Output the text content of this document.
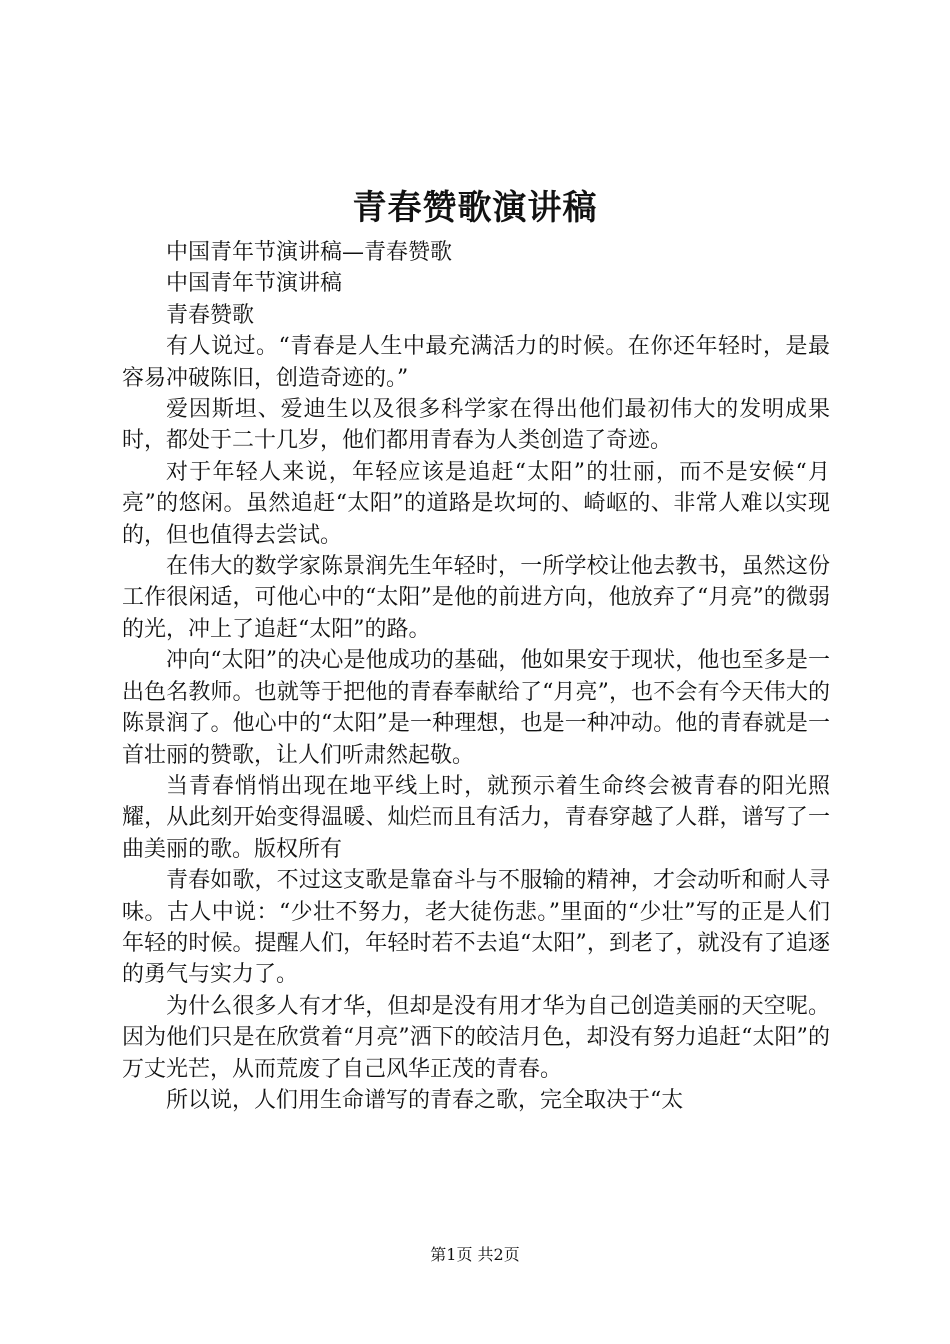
青春赞歌演讲稿

中国青年节演讲稿—青春赞歌

中国青年节演讲稿

青春赞歌

有人说过。“青春是人生中最充满活力的时候。在你还年轻时，是最容易冲破陈旧，创造奇迹的。”

爱因斯坦、爱迪生以及很多科学家在得出他们最初伟大的发明成果时，都处于二十几岁，他们都用青春为人类创造了奇迹。

对于年轻人来说，年轻应该是追赶“太阳”的壮丽，而不是安候“月亮”的悠闲。虽然追赶“太阳”的道路是坎坷的、崎岖的、非常人难以实现的，但也值得去尝试。

在伟大的数学家陈景润先生年轻时，一所学校让他去教书，虽然这份工作很闲适，可他心中的“太阳”是他的前进方向，他放弃了“月亮”的微弱的光，冲上了追赶“太阳”的路。

冲向“太阳”的决心是他成功的基础，他如果安于现状，他也至多是一出色名教师。也就等于把他的青春奉献给了“月亮”，也不会有今天伟大的陈景润了。他心中的“太阳”是一种理想，也是一种冲动。他的青春就是一首壮丽的赞歌，让人们听肃然起敬。

当青春悄悄出现在地平线上时，就预示着生命终会被青春的阳光照耀，从此刻开始变得温暖、灿烂而且有活力，青春穿越了人群，谱写了一曲美丽的歌。版权所有

青春如歌，不过这支歌是靠奋斗与不服输的精神，才会动听和耐人寻味。古人中说：“少壮不努力，老大徒伤悲。”里面的“少壮”写的正是人们年轻的时候。提醒人们，年轻时若不去追“太阳”，到老了，就没有了追逐的勇气与实力了。

为什么很多人有才华，但却是没有用才华为自己创造美丽的天空呢。因为他们只是在欣赏着“月亮”洒下的皎洁月色，却没有努力追赶“太阳”的万丈光芒，从而荒废了自己风华正茂的青春。

所以说，人们用生命谱写的青春之歌，完全取决于“太

第1页 共2页
